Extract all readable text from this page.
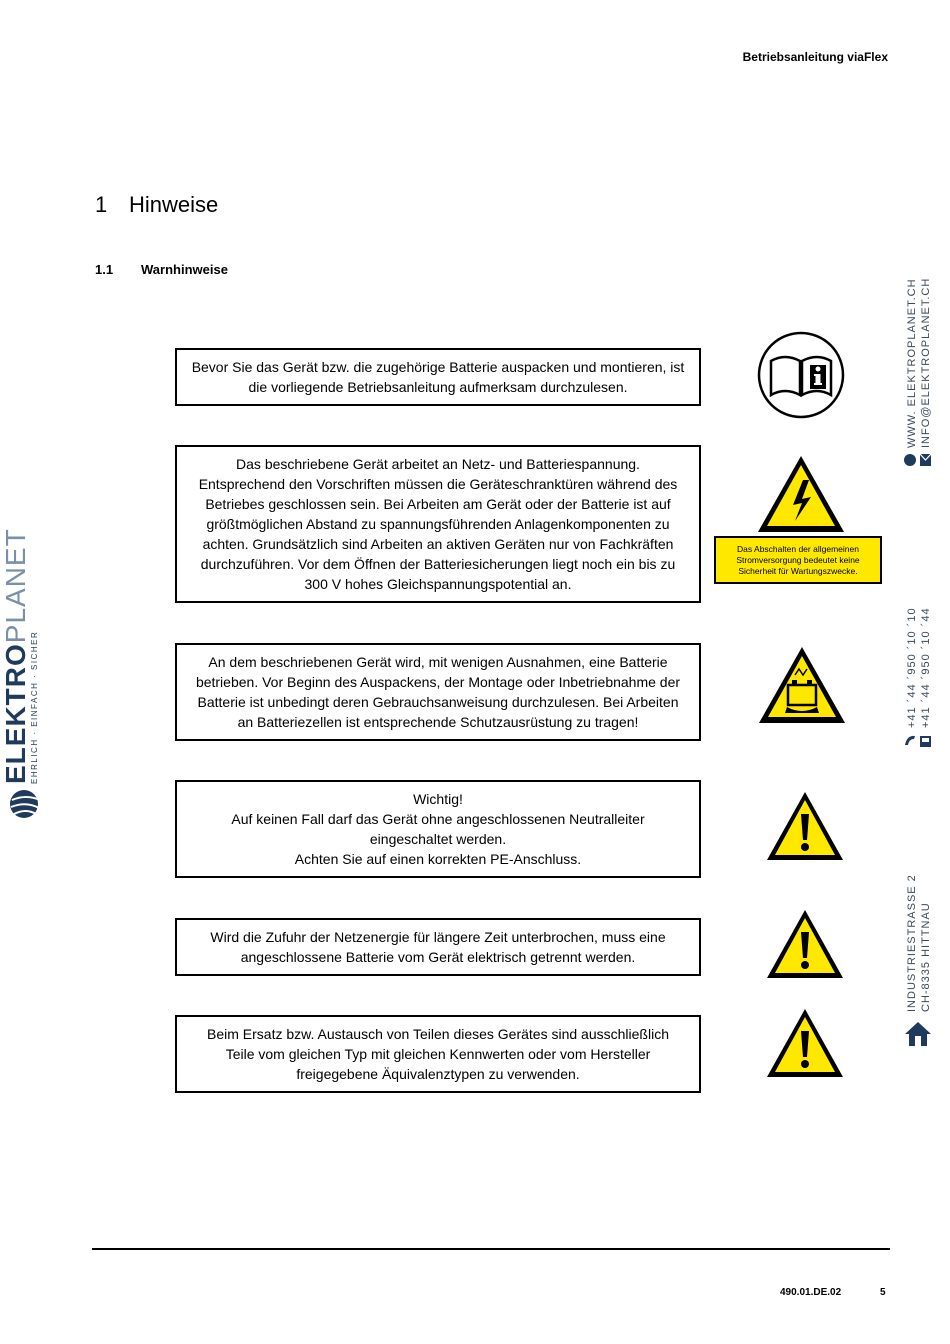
Betriebsanleitung viaFlex
1 Hinweise
1.1 Warnhinweise
Bevor Sie das Gerät bzw. die zugehörige Batterie auspacken und montieren, ist
die vorliegende Betriebsanleitung aufmerksam durchzulesen.
Das beschriebene Gerät arbeitet an Netz- und Batteriespannung.
Entsprechend den Vorschriften müssen die Geräteschranktüren während des
Betriebes geschlossen sein. Bei Arbeiten am Gerät oder der Batterie ist auf
größtmöglichen Abstand zu spannungsführenden Anlagenkomponenten zu
achten. Grundsätzlich sind Arbeiten an aktiven Geräten nur von Fachkräften
durchzuführen. Vor dem Öffnen der Batteriesicherungen liegt noch ein bis zu
300 V hohes Gleichspannungspotential an.
An dem beschriebenen Gerät wird, mit wenigen Ausnahmen, eine Batterie
betrieben. Vor Beginn des Auspackens, der Montage oder Inbetriebnahme der
Batterie ist unbedingt deren Gebrauchsanweisung durchzulesen. Bei Arbeiten
an Batteriezellen ist entsprechende Schutzausrüstung zu tragen!
Wichtig!
Auf keinen Fall darf das Gerät ohne angeschlossenen Neutralleiter
eingeschaltet werden.
Achten Sie auf einen korrekten PE-Anschluss.
Wird die Zufuhr der Netzenergie für längere Zeit unterbrochen, muss eine
angeschlossene Batterie vom Gerät elektrisch getrennt werden.
Beim Ersatz bzw. Austausch von Teilen dieses Gerätes sind ausschließlich
Teile vom gleichen Typ mit gleichen Kennwerten oder vom Hersteller
freigegebene Äquivalenztypen zu verwenden.
Das Abschalten der allgemeinen
Stromversorgung bedeutet keine
Sicherheit für Wartungszwecke.
490.01.DE.02	5
ELEKTROPLANET
EHRLICH · EINFACH · SICHER
WWW. ELEKTROPLANET.CH INFO@ELEKTROPLANET.CH
+41 ´44 ´950 ´10 ´10 +41 ´44 ´950 ´10 ´44
INDUSTRIESTRASSE 2 CH-8335 HITTNAU
